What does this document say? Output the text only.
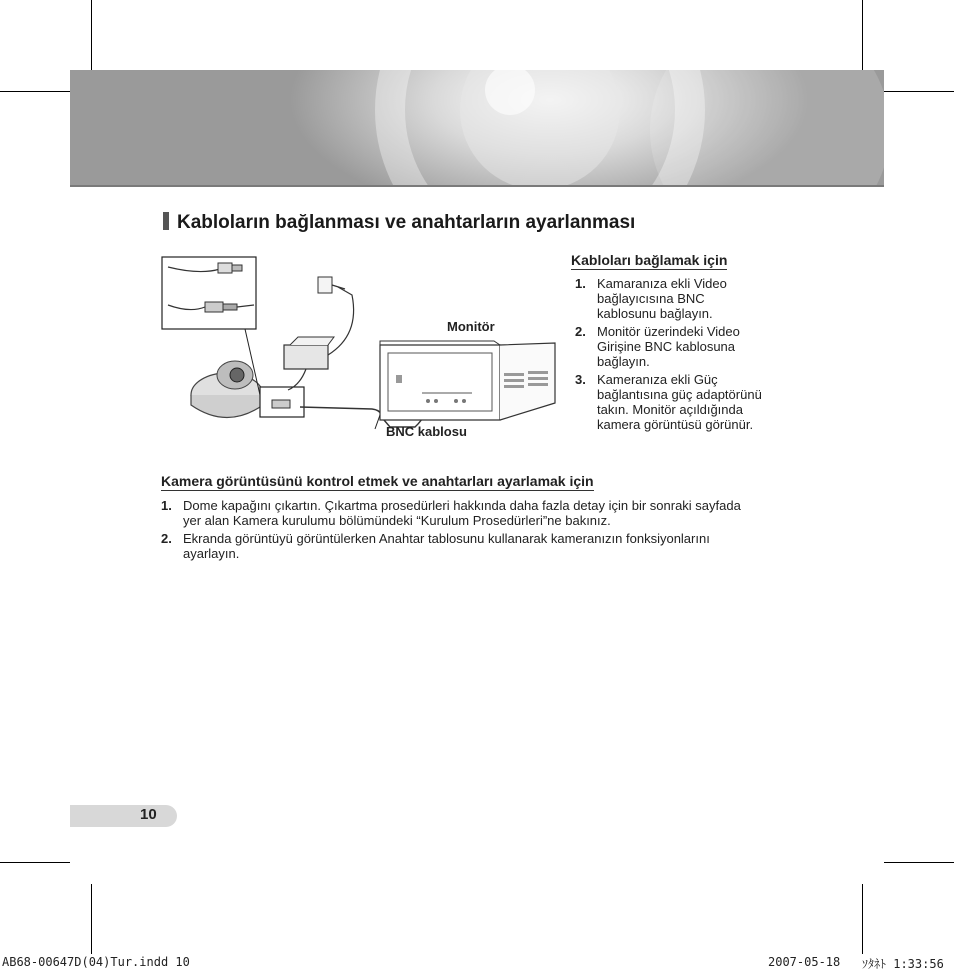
Kabloların bağlanması ve anahtarların ayarlanması
Monitör
BNC kablosu
Kabloları bağlamak için
1. Kamaranıza ekli Video bağlayıcısına BNC kablosunu bağlayın.
2. Monitör üzerindeki Video Girişine BNC kablosuna bağlayın.
3. Kameranıza ekli Güç bağlantısına güç adaptörünü takın. Monitör açıldığında kamera görüntüsü görünür.
Kamera görüntüsünü kontrol etmek ve anahtarları ayarlamak için
1. Dome kapağını çıkartın. Çıkartma prosedürleri hakkında daha fazla detay için bir sonraki sayfada yer alan Kamera kurulumu bölümündeki “Kurulum Prosedürleri”ne bakınız.
2. Ekranda görüntüyü görüntülerken Anahtar tablosunu kullanarak kameranızın fonksiyonlarını ayarlayın.
10
AB68-00647D(04)Tur.indd 10	2007-05-18 ｿﾀﾈﾄ 1:33:56
